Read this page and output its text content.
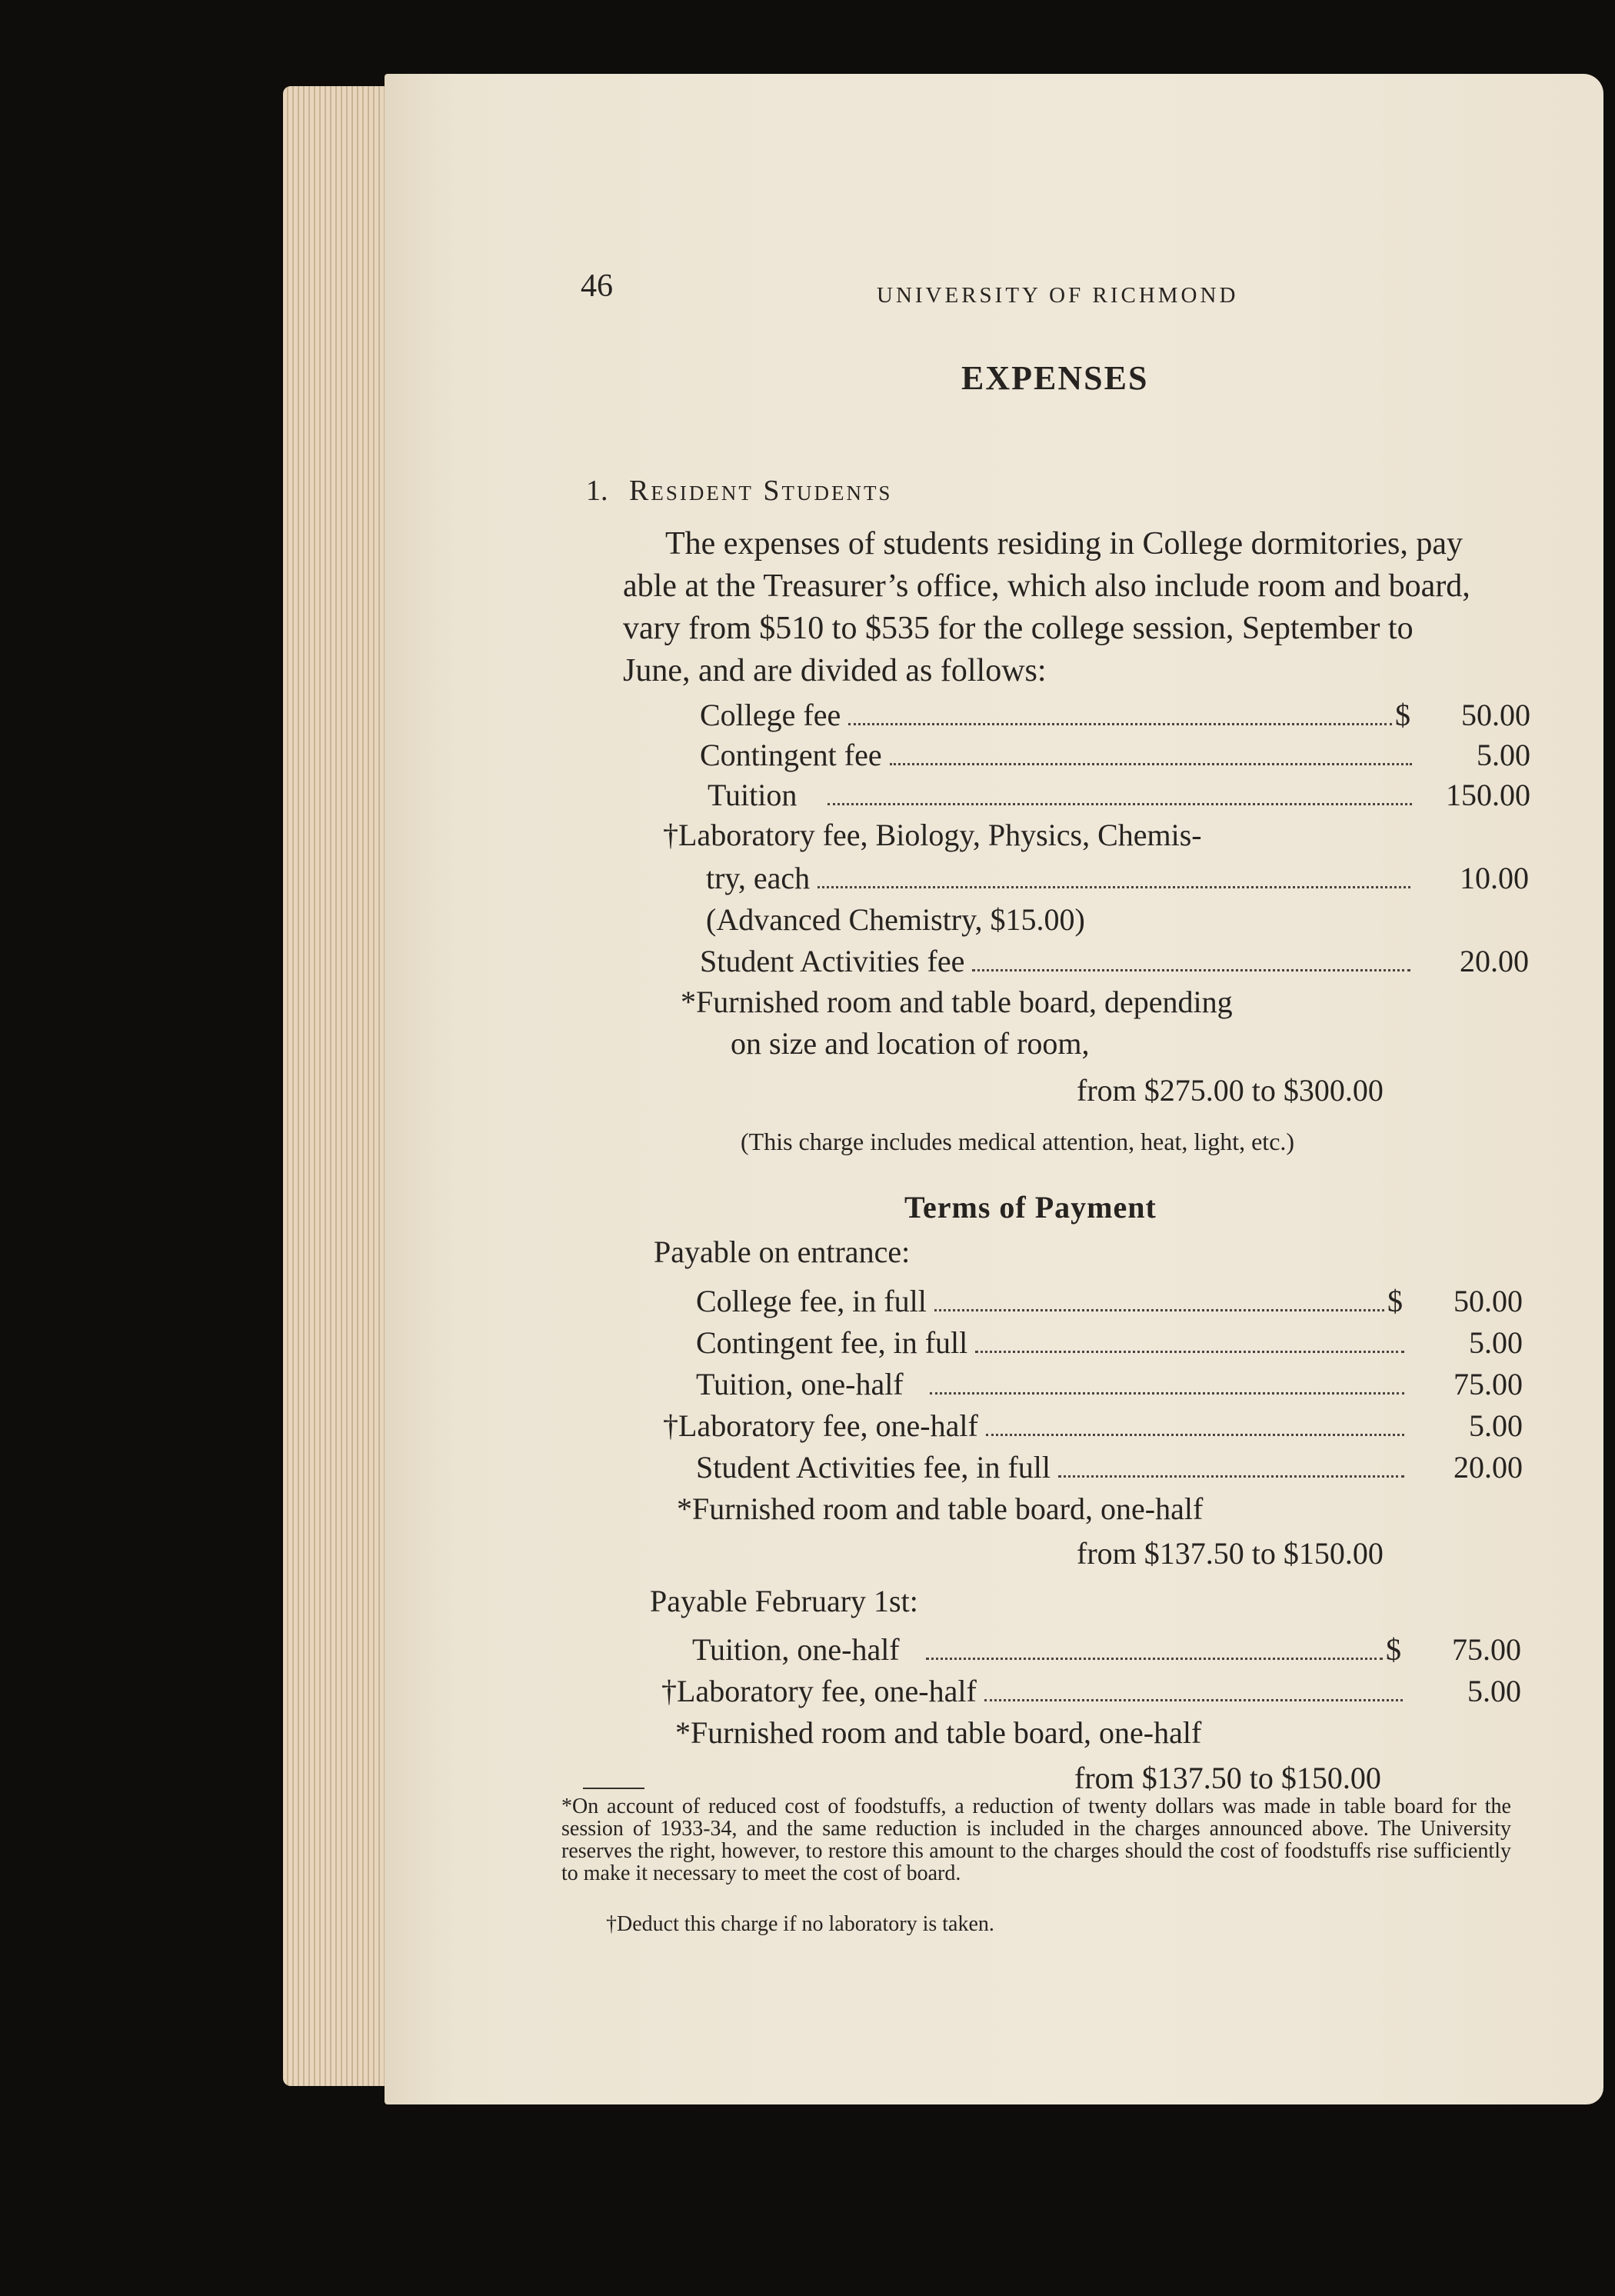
46	UNIVERSITY OF RICHMOND
EXPENSES
1. Resident Students
The expenses of students residing in College dormitories, pay
able at the Treasurer’s office, which also include room and board,
vary from $510 to $535 for the college session, September to
June, and are divided as follows:
College fee	$	50.00
Contingent fee	5.00
Tuition	150.00
†Laboratory fee, Biology, Physics, Chemis-
try, each	10.00
(Advanced Chemistry, $15.00)
Student Activities fee	20.00
*Furnished room and table board, depending
on size and location of room,
from $275.00 to $300.00
(This charge includes medical attention, heat, light, etc.)
Terms of Payment
Payable on entrance:
College fee, in full	$	50.00
Contingent fee, in full	5.00
Tuition, one-half	75.00
†Laboratory fee, one-half	5.00
Student Activities fee, in full	20.00
*Furnished room and table board, one-half
from $137.50 to $150.00
Payable February 1st:
Tuition, one-half	$	75.00
†Laboratory fee, one-half	5.00
*Furnished room and table board, one-half
from $137.50 to $150.00
*On account of reduced cost of foodstuffs, a reduction of twenty dollars was made in table board for the session of 1933-34, and the same reduction is included in the charges announced above. The University reserves the right, however, to restore this amount to the charges should the cost of foodstuffs rise sufficiently to make it necessary to meet the cost of board.
†Deduct this charge if no laboratory is taken.
